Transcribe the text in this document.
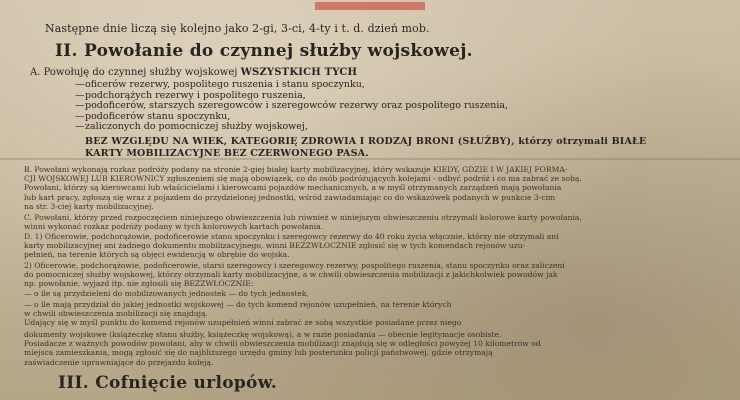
Następne dnie liczą się kolejno jako 2-gi, 3-ci, 4-ty i t. d. dzień mob.
II. Powołanie do czynnej służby wojskowej.
A. Powołuję do czynnej służby wojskowej WSZYSTKICH TYCH
—oficerów rezerwy, pospolitego ruszenia i stanu spoczynku,
—podchorążych rezerwy i pospolitego ruszenia,
—podoficerów, starszych szeregowców i szeregowców rezerwy oraz pospolitego ruszenia,
—podoficerów stanu spoczynku,
—zaliczonych do pomocniczej służby wojskowej,
BEZ WZGLĘDU NA WIEK, KATEGORIĘ ZDROWIA I RODZAJ BRONI (SŁUŻBY), którzy otrzymali BIAŁE
KARTY MOBILIZACYJNE BEZ CZERWONEGO PASA.
B. Powołani wykonają rozkaz podróży podany na stronie 2-giej białej karty mobilizacyjnej, który wskazuje KIEDY, GDZIE I W JAKIEJ FORMA-
CJI WOJSKOWEJ LUB KIEROWNICY zgłoszeniem się mają obowiązek, co do osób podróżujących kolejami - odbyć podróż i co ma zabrać ze sobą.
Powołani, którzy są kierowcami lub właścicielami i kierowcami pojazdów mechanicznych, a w myśl otrzymanych zarządzeń mają powołania
lub kart pracy, zgłoszą się wraz z pojazdem do przydzielonej jednostki, wśród zawiadamiając co do wskazówek podanych w punkcie 3-cim
na str. 3-ciej karty mobilizacyjnej.
C. Powołani, którzy przed rozpoczęciem niniejszego obwieszczenia lub również w niniejszym obwieszczeniu otrzymali kolorowe karty powołania,
winni wykonać rozkaz podróży podany w tych kolorowych kartach powołania.
D. 1) Oficerowie, podchorążowie, podoficerowie stanu spoczynku i szeregowcy rezerwy do 40 roku życia włącznie, którzy nie otrzymali ani
karty mobilizacyjnej ani żadnego dokumentu mobilizacyjnego, winni BEZZWŁOCZNIE zgłosić się w tych komendach rejonów uzu-
pełnień, na terenie których są objęci ewidencją w obrębie do wojska.
2) Oficerowie, podchorążowie, podoficerowie, starsi szeregowcy i szeregowcy rezerwy, pospolitego ruszenia, stanu spoczynku oraz zaliczeni
do pomocniczej służby wojskowej, którzy otrzymali karty mobilizacyjne, a w chwili obwieszczenia mobilizacji z jakichkolwiek powodów jak
np. powołanie, wyjazd itp. nie zgłosili się BEZZWŁOCZNIE:
— o ile są przydzieleni do mobilizowanych jednostek — do tych jednostek,
— o ile mają przydział do jakiej jednostki wojskowej — do tych komend rejonów uzupełnień, na terenie których
w chwili obwieszczenia mobilizacji się znajdują.
Udający się w myśl punktu do komend rejonów uzupełnień winni zabrać ze sobą wszystkie posiadane przez niego
dokumenty wojskowe (książeczkę stanu służby, książeczkę wojskową), a w razie posiadania — obecnie legitymacje osobiste.
Posiadacze z ważnych powodów powołani, aby w chwili obwieszczenia mobilizacji znajdują się w odległości powyżej 10 kilometrów od
miejsca zamieszkania, mogą zgłosić się do najbliższego urzędu gminy lub posterunku policji państwowej, gdzie otrzymają
zaświadczenie uprawniające do przejazdu koleją.
III. Cofnięcie urlopów.
